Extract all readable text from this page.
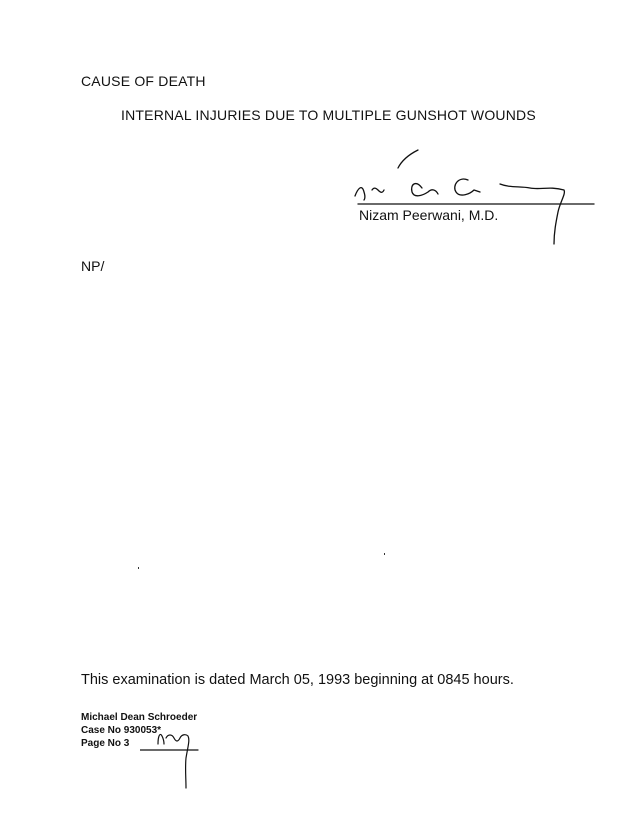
CAUSE OF DEATH
INTERNAL INJURIES DUE TO MULTIPLE GUNSHOT WOUNDS
Nizam Peerwani, M.D.
NP/
This examination is dated March 05, 1993 beginning at 0845 hours.
Michael Dean Schroeder
Case No 930053*
Page No 3
